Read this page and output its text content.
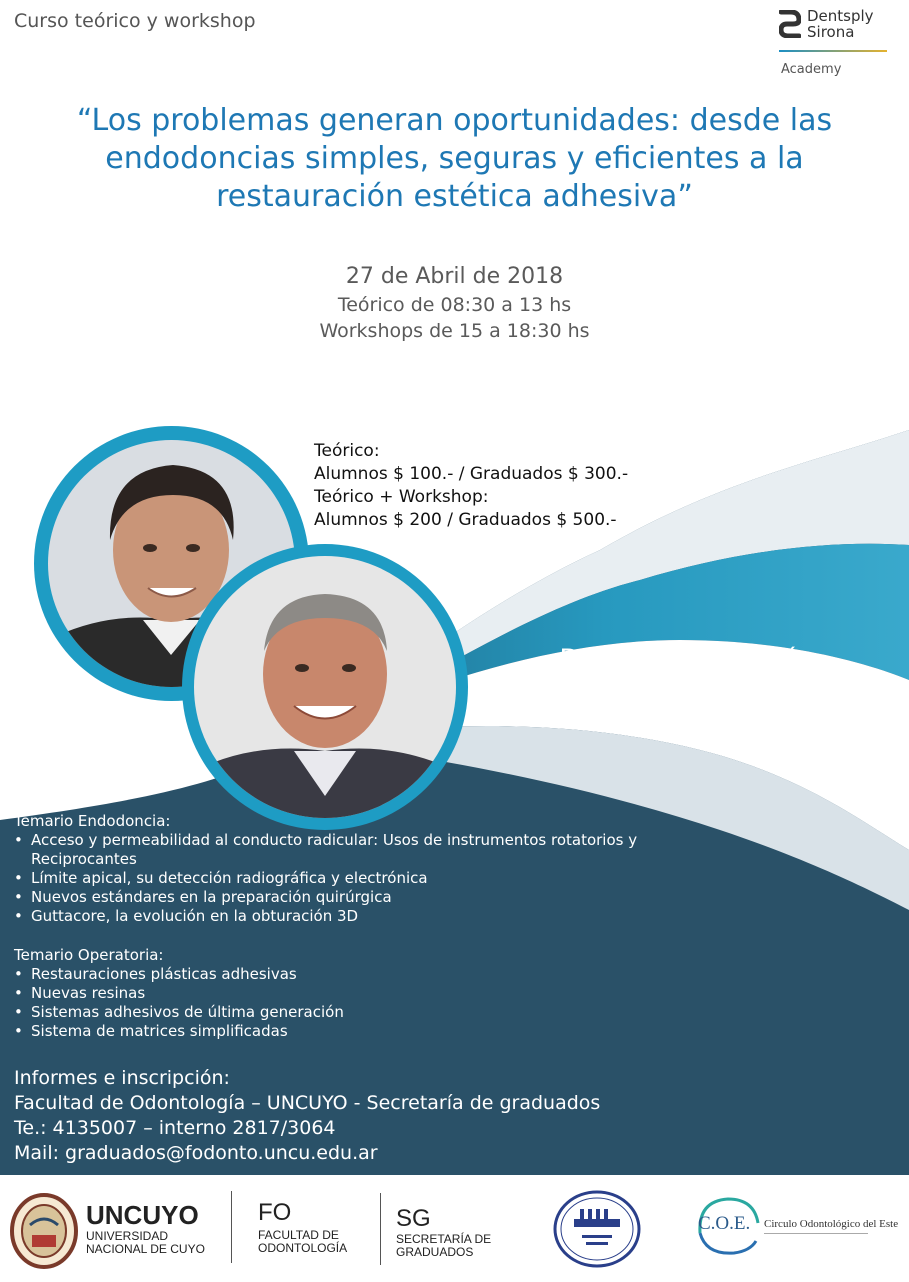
Curso teórico y workshop	Dentsply
Sirona
Academy
“Los problemas generan oportunidades: desde las
endodoncias simples, seguras y eficientes a la
restauración estética adhesiva”
27 de Abril de 2018
Teórico de 08:30 a 13 hs
Workshops de 15 a 18:30 hs
Teórico:
Alumnos $ 100.- / Graduados $ 300.-
Teórico + Workshop:
Alumnos $ 200 / Graduados $ 500.-
Dr. Gonzalo García
Dr. Sergio Kohen
Temario Endodoncia:
• Acceso y permeabilidad al conducto radicular: Usos de instrumentos rotatorios y Reciprocantes
• Límite apical, su detección radiográfica y electrónica
• Nuevos estándares en la preparación quirúrgica
• Guttacore, la evolución en la obturación 3D
Temario Operatoria:
• Restauraciones plásticas adhesivas
• Nuevas resinas
• Sistemas adhesivos de última generación
• Sistema de matrices simplificadas
Informes e inscripción:
Facultad de Odontología – UNCUYO - Secretaría de graduados
Te.: 4135007 – interno 2817/3064
Mail: graduados@fodonto.uncu.edu.ar
UNCUYO
UNIVERSIDAD
NACIONAL DE CUYO
FO
FACULTAD DE
ODONTOLOGÍA
SG
SECRETARÍA DE
GRADUADOS
C.O.E. Circulo Odontológico del Este
